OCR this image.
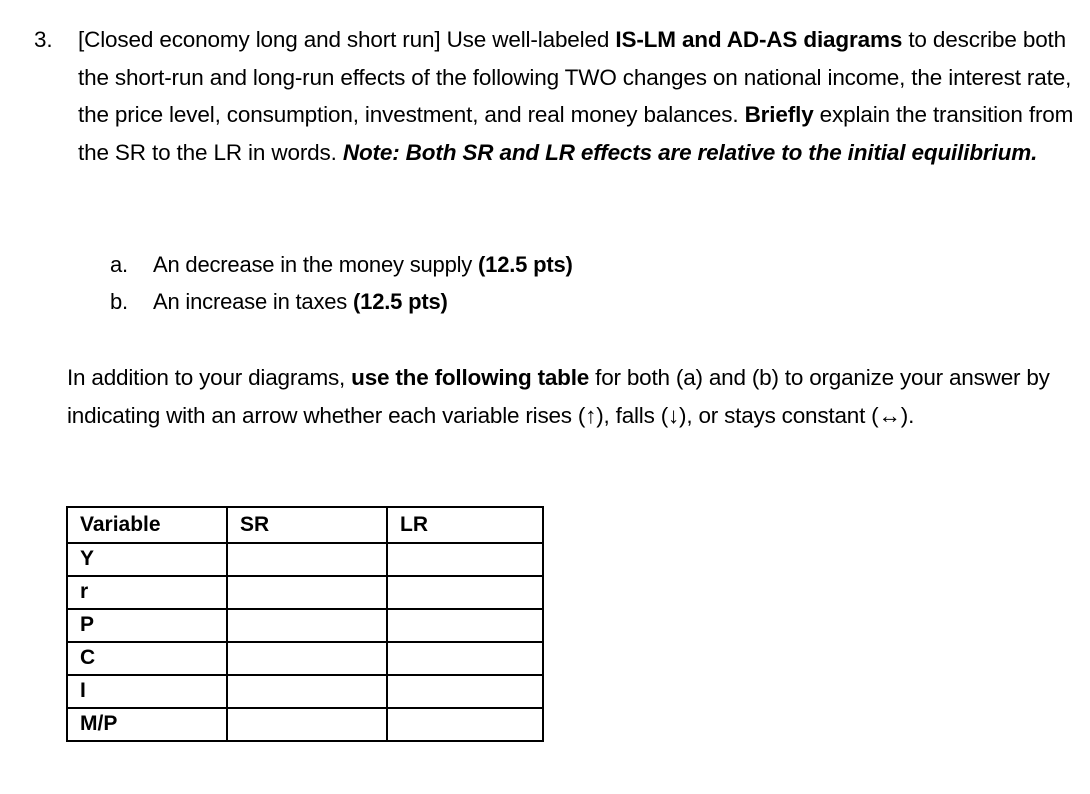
3. [Closed economy long and short run] Use well-labeled IS-LM and AD-AS diagrams to describe both the short-run and long-run effects of the following TWO changes on national income, the interest rate, the price level, consumption, investment, and real money balances. Briefly explain the transition from the SR to the LR in words. Note: Both SR and LR effects are relative to the initial equilibrium.
a. An decrease in the money supply (12.5 pts)
b. An increase in taxes (12.5 pts)
In addition to your diagrams, use the following table for both (a) and (b) to organize your answer by indicating with an arrow whether each variable rises (↑), falls (↓), or stays constant (↔).
Variable	SR	LR
Y		
r		
P		
C		
I		
M/P		
